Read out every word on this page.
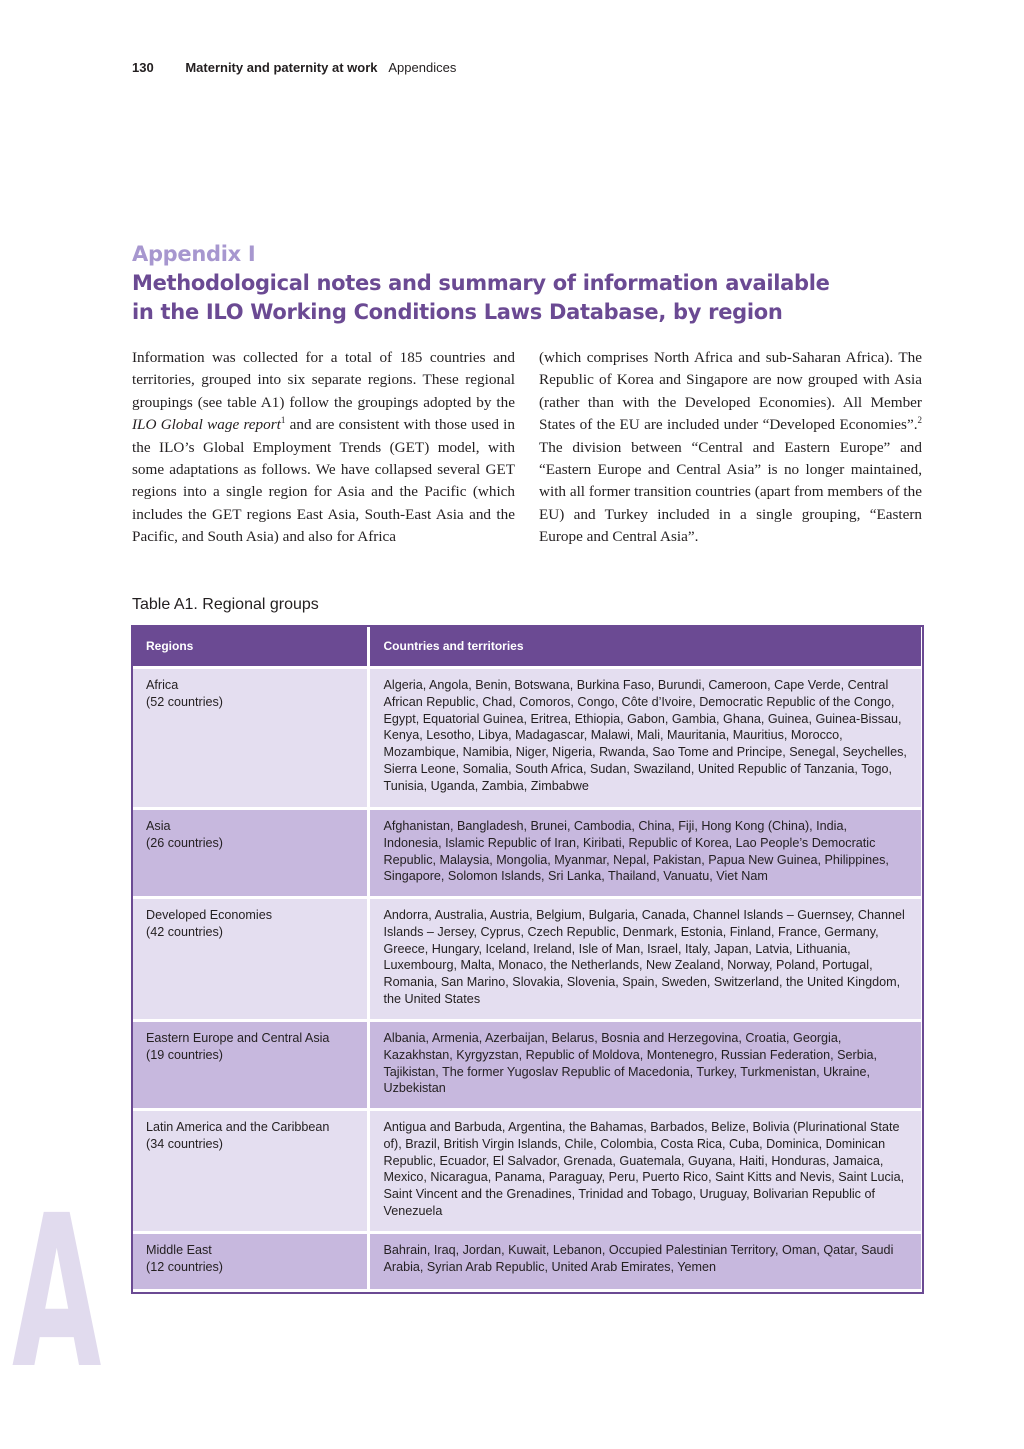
130 Maternity and paternity at work Appendices
Appendix I
Methodological notes and summary of information available
in the ILO Working Conditions Laws Database, by region

Information was collected for a total of 185 countries and territories, grouped into six separate regions. These regional groupings (see table A1) follow the groupings adopted by the ILO Global wage report$^1$ and are consistent with those used in the ILO’s Global Employment Trends (GET) model, with some adaptations as follows. We have collapsed several GET regions into a single region for Asia and the Pacific (which includes the GET regions East Asia, South-East Asia and the Pacific, and South Asia) and also for Africa

(which comprises North Africa and sub-Saharan Africa). The Republic of Korea and Singapore are now grouped with Asia (rather than with the Developed Economies). All Member States of the EU are included under “Developed Economies”.$^2$ The division between “Central and Eastern Europe” and “Eastern Europe and Central Asia” is no longer maintained, with all former transition countries (apart from members of the EU) and Turkey included in a single grouping, “Eastern Europe and Central Asia”.

Table A1. Regional groups
Regions	Countries and territories

Africa
(52 countries)	Algeria, Angola, Benin, Botswana, Burkina Faso, Burundi, Cameroon, Cape Verde, Central African Republic, Chad, Comoros, Congo, Côte d’Ivoire, Democratic Republic of the Congo, Egypt, Equatorial Guinea, Eritrea, Ethiopia, Gabon, Gambia, Ghana, Guinea, Guinea-Bissau, Kenya, Lesotho, Libya, Madagascar, Malawi, Mali, Mauritania, Mauritius, Morocco, Mozambique, Namibia, Niger, Nigeria, Rwanda, Sao Tome and Principe, Senegal, Seychelles, Sierra Leone, Somalia, South Africa, Sudan, Swaziland, United Republic of Tanzania, Togo, Tunisia, Uganda, Zambia, Zimbabwe

Asia
(26 countries)	Afghanistan, Bangladesh, Brunei, Cambodia, China, Fiji, Hong Kong (China), India, Indonesia, Islamic Republic of Iran, Kiribati, Republic of Korea, Lao People’s Democratic Republic, Malaysia, Mongolia, Myanmar, Nepal, Pakistan, Papua New Guinea, Philippines, Singapore, Solomon Islands, Sri Lanka, Thailand, Vanuatu, Viet Nam

Developed Economies
(42 countries)	Andorra, Australia, Austria, Belgium, Bulgaria, Canada, Channel Islands – Guernsey, Channel Islands – Jersey, Cyprus, Czech Republic, Denmark, Estonia, Finland, France, Germany, Greece, Hungary, Iceland, Ireland, Isle of Man, Israel, Italy, Japan, Latvia, Lithuania, Luxembourg, Malta, Monaco, the Netherlands, New Zealand, Norway, Poland, Portugal, Romania, San Marino, Slovakia, Slovenia, Spain, Sweden, Switzerland, the United Kingdom, the United States

Eastern Europe and Central Asia
(19 countries)	Albania, Armenia, Azerbaijan, Belarus, Bosnia and Herzegovina, Croatia, Georgia, Kazakhstan, Kyrgyzstan, Republic of Moldova, Montenegro, Russian Federation, Serbia, Tajikistan, The former Yugoslav Republic of Macedonia, Turkey, Turkmenistan, Ukraine, Uzbekistan

Latin America and the Caribbean
(34 countries)	Antigua and Barbuda, Argentina, the Bahamas, Barbados, Belize, Bolivia (Plurinational State of), Brazil, British Virgin Islands, Chile, Colombia, Costa Rica, Cuba, Dominica, Dominican Republic, Ecuador, El Salvador, Grenada, Guatemala, Guyana, Haiti, Honduras, Jamaica, Mexico, Nicaragua, Panama, Paraguay, Peru, Puerto Rico, Saint Kitts and Nevis, Saint Lucia, Saint Vincent and the Grenadines, Trinidad and Tobago, Uruguay, Bolivarian Republic of Venezuela

Middle East
(12 countries)	Bahrain, Iraq, Jordan, Kuwait, Lebanon, Occupied Palestinian Territory, Oman, Qatar, Saudi Arabia, Syrian Arab Republic, United Arab Emirates, Yemen
A
